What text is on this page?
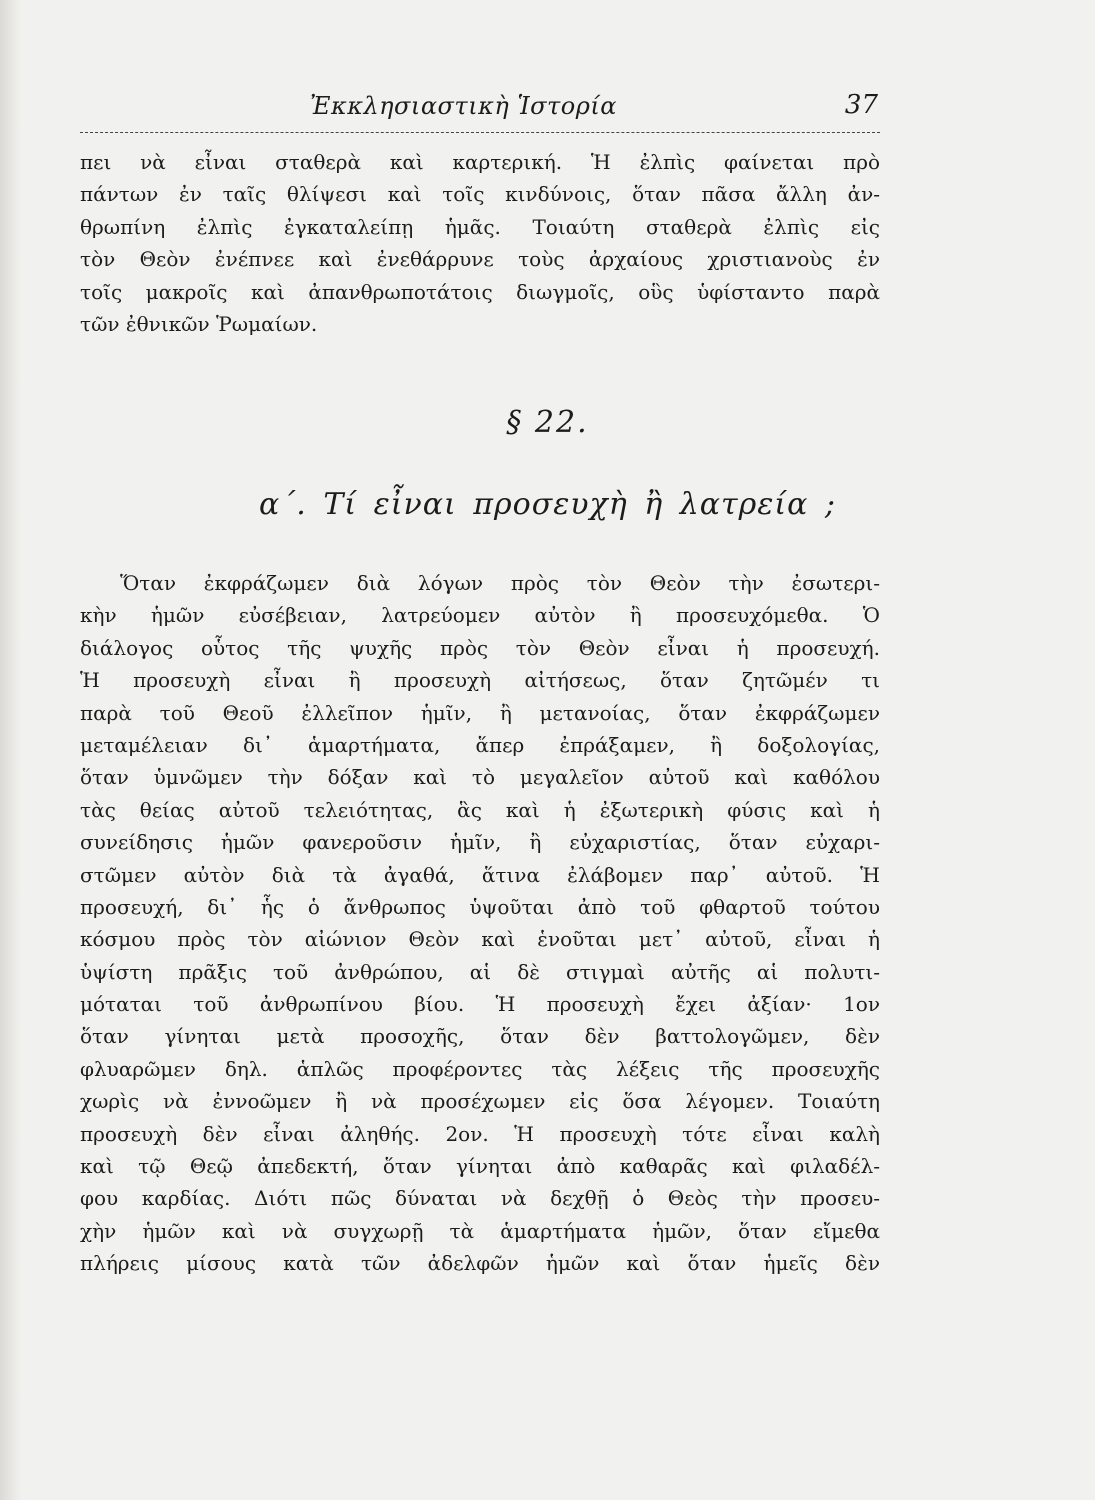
Ἐκκλησιαστικὴ Ἱστορία	37
πει νὰ εἶναι σταθερὰ καὶ καρτερική. Ἡ ἐλπὶς φαίνεται πρὸ
πάντων ἐν ταῖς θλίψεσι καὶ τοῖς κινδύνοις, ὅταν πᾶσα ἄλλη ἀν-
θρωπίνη ἐλπὶς ἐγκαταλείπῃ ἡμᾶς. Τοιαύτη σταθερὰ ἐλπὶς εἰς
τὸν Θεὸν ἐνέπνεε καὶ ἐνεθάρρυνε τοὺς ἀρχαίους χριστιανοὺς ἐν
τοῖς μακροῖς καὶ ἀπανθρωποτάτοις διωγμοῖς, οὓς ὑφίσταντο παρὰ
τῶν ἐθνικῶν Ῥωμαίων.
§ 22.
α΄. Τί εἶναι προσευχὴ ἢ λατρεία ;
Ὅταν ἐκφράζωμεν διὰ λόγων πρὸς τὸν Θεὸν τὴν ἐσωτερι-
κὴν ἡμῶν εὐσέβειαν, λατρεύομεν αὐτὸν ἢ προσευχόμεθα. Ὁ
διάλογος οὗτος τῆς ψυχῆς πρὸς τὸν Θεὸν εἶναι ἡ προσευχή.
Ἡ προσευχὴ εἶναι ἢ προσευχὴ αἰτήσεως, ὅταν ζητῶμέν τι
παρὰ τοῦ Θεοῦ ἐλλεῖπον ἡμῖν, ἢ μετανοίας, ὅταν ἐκφράζωμεν
μεταμέλειαν δι᾽ ἁμαρτήματα, ἅπερ ἐπράξαμεν, ἢ δοξολογίας,
ὅταν ὑμνῶμεν τὴν δόξαν καὶ τὸ μεγαλεῖον αὐτοῦ καὶ καθόλου
τὰς θείας αὐτοῦ τελειότητας, ἃς καὶ ἡ ἐξωτερικὴ φύσις καὶ ἡ
συνείδησις ἡμῶν φανεροῦσιν ἡμῖν, ἢ εὐχαριστίας, ὅταν εὐχαρι-
στῶμεν αὐτὸν διὰ τὰ ἀγαθά, ἅτινα ἐλάβομεν παρ᾽ αὐτοῦ. Ἡ
προσευχή, δι᾽ ἧς ὁ ἄνθρωπος ὑψοῦται ἀπὸ τοῦ φθαρτοῦ τούτου
κόσμου πρὸς τὸν αἰώνιον Θεὸν καὶ ἑνοῦται μετ᾽ αὐτοῦ, εἶναι ἡ
ὑψίστη πρᾶξις τοῦ ἀνθρώπου, αἱ δὲ στιγμαὶ αὐτῆς αἱ πολυτι-
μόταται τοῦ ἀνθρωπίνου βίου. Ἡ προσευχὴ ἔχει ἀξίαν· 1ον
ὅταν γίνηται μετὰ προσοχῆς, ὅταν δὲν βαττολογῶμεν, δὲν
φλυαρῶμεν δηλ. ἁπλῶς προφέροντες τὰς λέξεις τῆς προσευχῆς
χωρὶς νὰ ἐννοῶμεν ἢ νὰ προσέχωμεν εἰς ὅσα λέγομεν. Τοιαύτη
προσευχὴ δὲν εἶναι ἀληθής. 2ον. Ἡ προσευχὴ τότε εἶναι καλὴ
καὶ τῷ Θεῷ ἀπεδεκτή, ὅταν γίνηται ἀπὸ καθαρᾶς καὶ φιλαδέλ-
φου καρδίας. Διότι πῶς δύναται νὰ δεχθῇ ὁ Θεὸς τὴν προσευ-
χὴν ἡμῶν καὶ νὰ συγχωρῇ τὰ ἁμαρτήματα ἡμῶν, ὅταν εἴμεθα
πλήρεις μίσους κατὰ τῶν ἀδελφῶν ἡμῶν καὶ ὅταν ἡμεῖς δὲν
